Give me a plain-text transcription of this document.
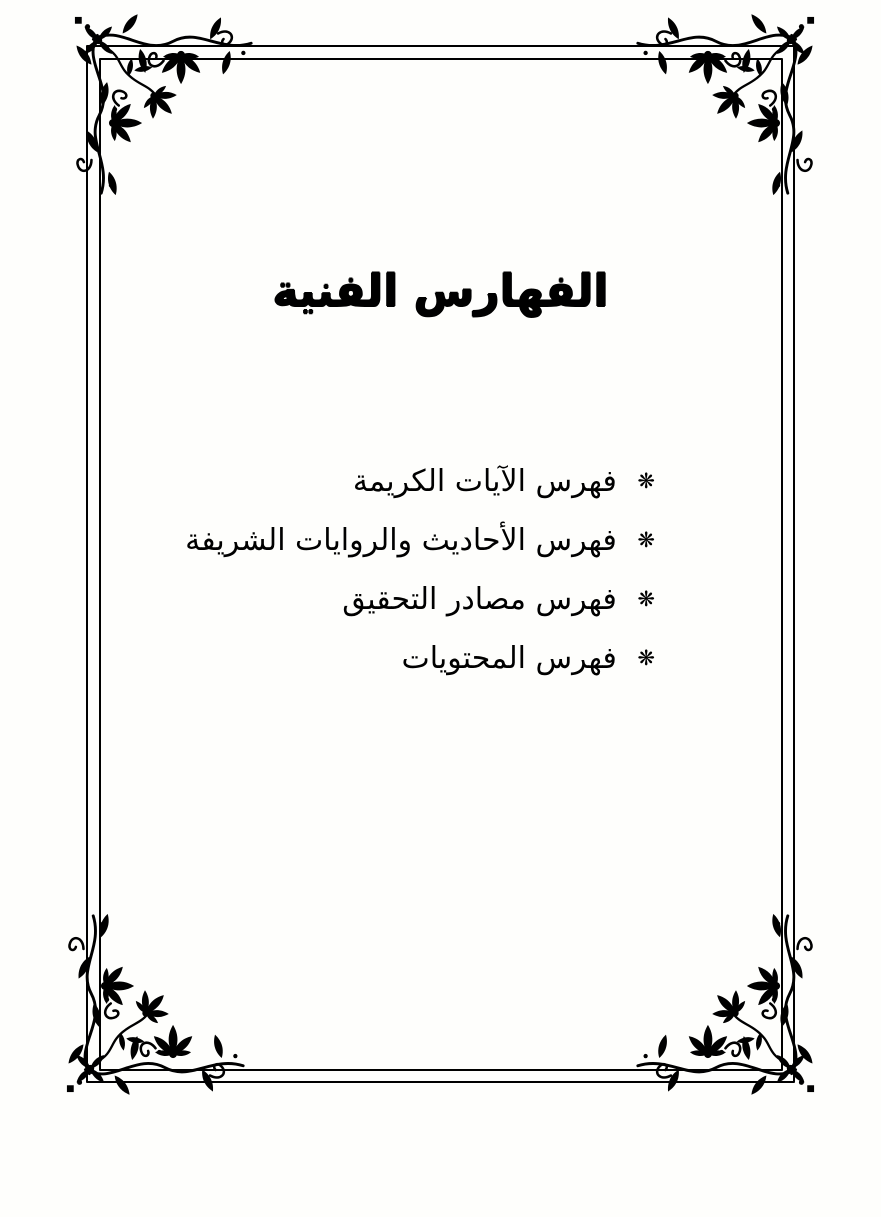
الفهارس الفنية
❋ فهرس الآيات الكريمة
❋ فهرس الأحاديث والروايات الشريفة
❋ فهرس مصادر التحقيق
❋ فهرس المحتويات
